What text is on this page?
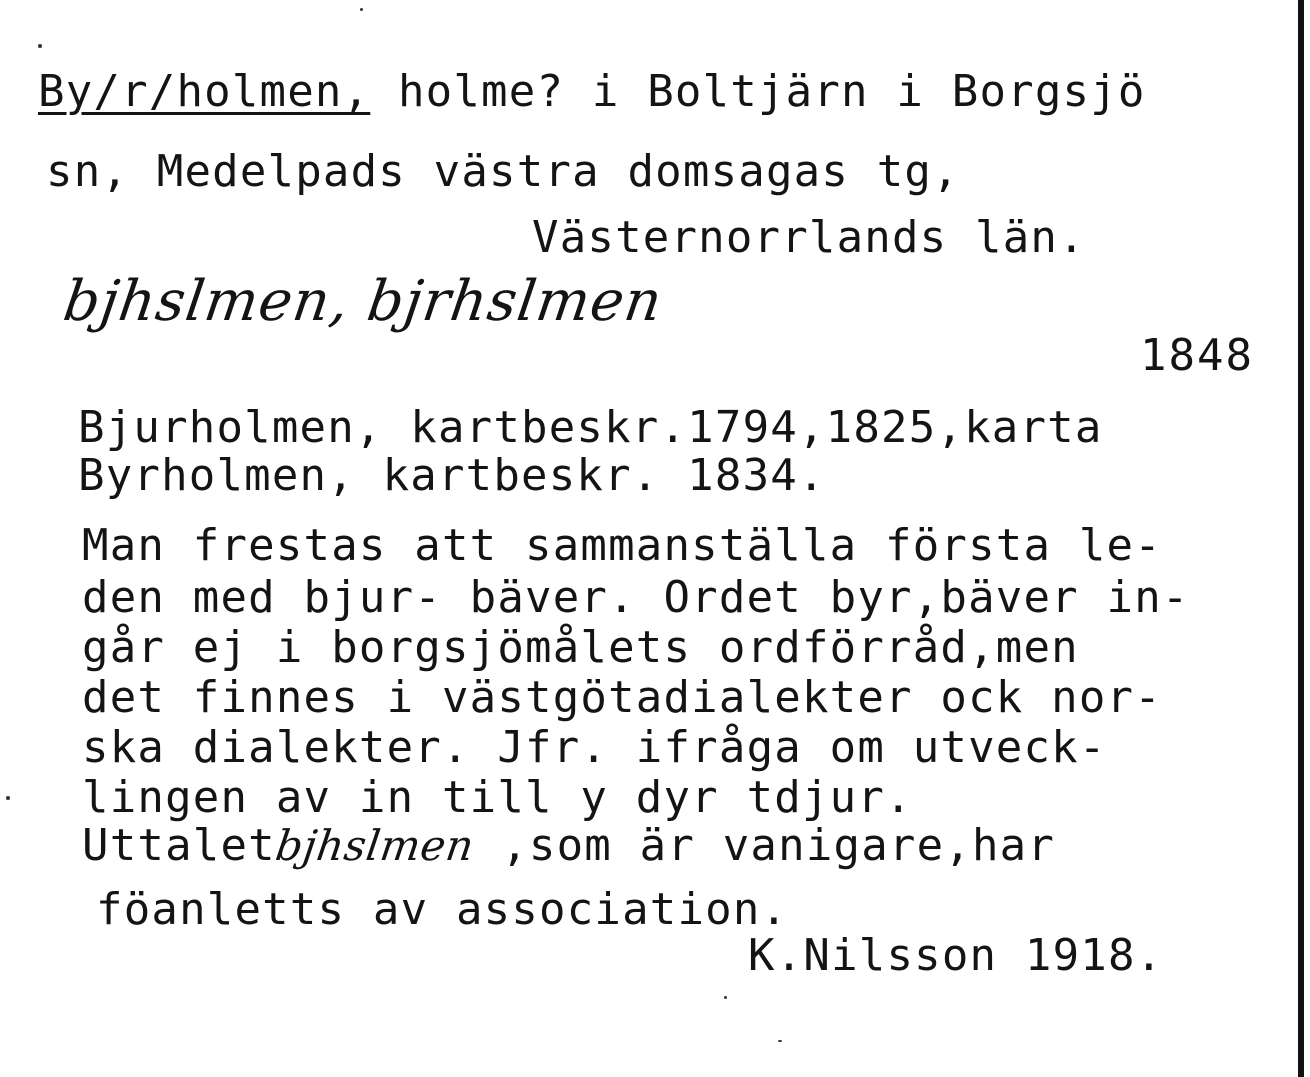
By/r/holmen, holme? i Boltjärn i Borgsjö

sn, Medelpads västra domsagas tg,

Västernorrlands län.

bjhslmen, bjrhslmen

1848

Bjurholmen, kartbeskr.1794,1825,karta

Byrholmen, kartbeskr. 1834.

Man frestas att sammanställa första le-

den med bjur- bäver. Ordet byr,bäver in-

går ej i borgsjömålets ordförråd,men

det finnes i västgötadialekter ock nor-

ska dialekter. Jfr. ifråga om utveck-

lingen av in till y dyr tdjur.

Uttaletbjhslmen ,som är vanigare,har

föanletts av association.

K.Nilsson 1918.
